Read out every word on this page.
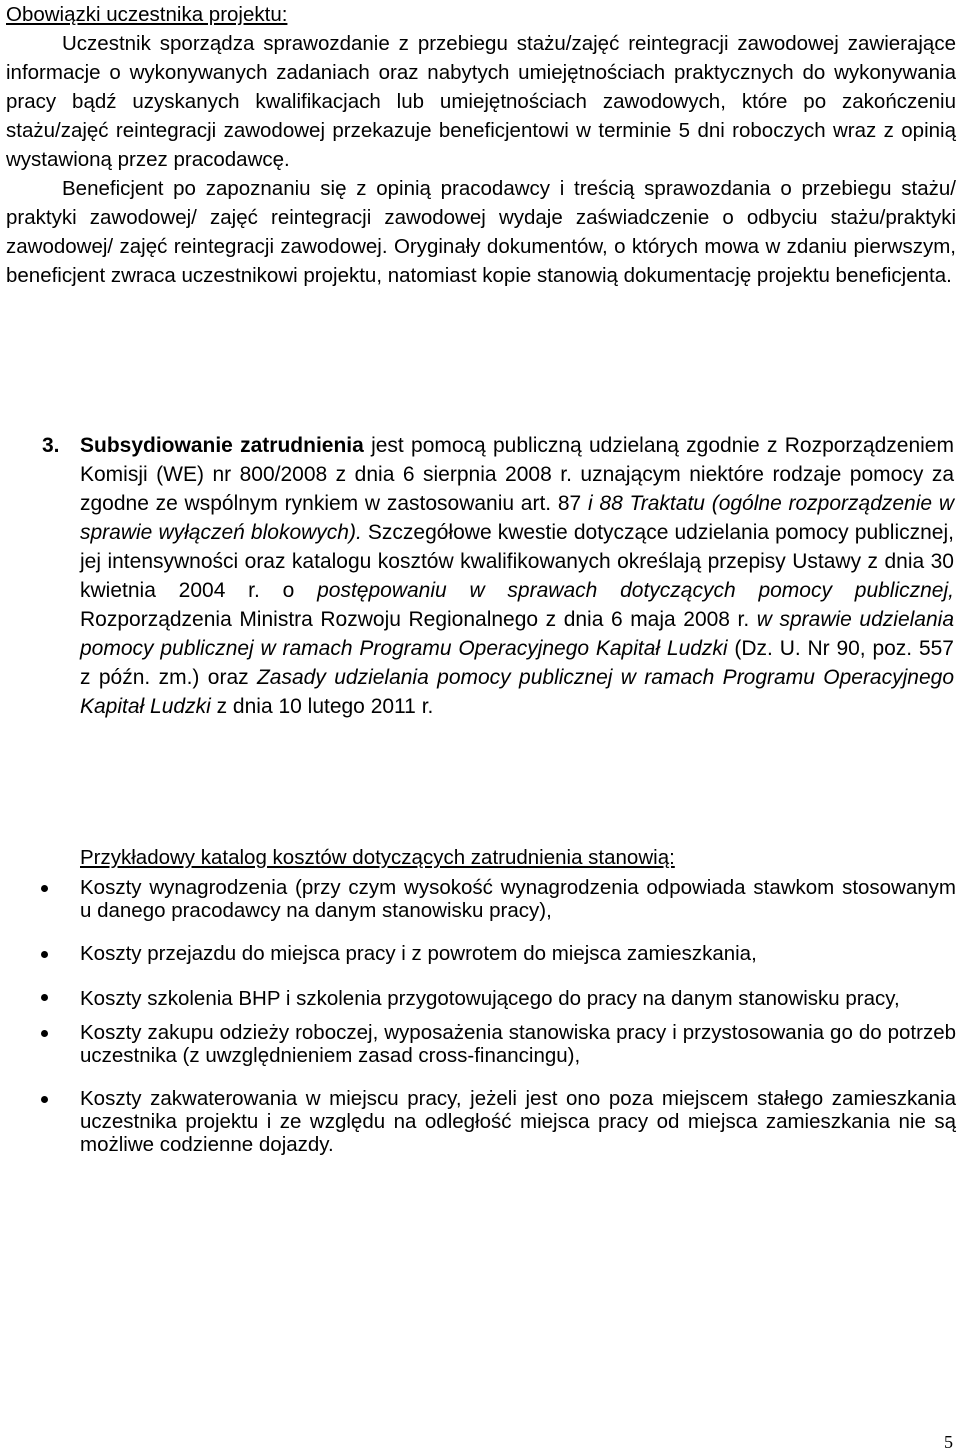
Obowiązki uczestnika projektu:

Uczestnik sporządza sprawozdanie z przebiegu stażu/zajęć reintegracji zawodowej zawierające informacje o wykonywanych zadaniach oraz nabytych umiejętnościach praktycznych do wykonywania pracy bądź uzyskanych kwalifikacjach lub umiejętnościach zawodowych, które po zakończeniu stażu/zajęć reintegracji zawodowej przekazuje beneficjentowi w terminie 5 dni roboczych wraz z opinią wystawioną przez pracodawcę.

Beneficjent po zapoznaniu się z opinią pracodawcy i treścią sprawozdania o przebiegu stażu/ praktyki zawodowej/ zajęć reintegracji zawodowej wydaje zaświadczenie o odbyciu stażu/praktyki zawodowej/ zajęć reintegracji zawodowej. Oryginały dokumentów, o których mowa w zdaniu pierwszym, beneficjent zwraca uczestnikowi projektu, natomiast kopie stanowią dokumentację projektu beneficjenta.

3. Subsydiowanie zatrudnienia jest pomocą publiczną udzielaną zgodnie z Rozporządzeniem Komisji (WE) nr 800/2008 z dnia 6 sierpnia 2008 r. uznającym niektóre rodzaje pomocy za zgodne ze wspólnym rynkiem w zastosowaniu art. 87 i 88 Traktatu (ogólne rozporządzenie w sprawie wyłączeń blokowych). Szczegółowe kwestie dotyczące udzielania pomocy publicznej, jej intensywności oraz katalogu kosztów kwalifikowanych określają przepisy Ustawy z dnia 30 kwietnia 2004 r. o postępowaniu w sprawach dotyczących pomocy publicznej, Rozporządzenia Ministra Rozwoju Regionalnego z dnia 6 maja 2008 r. w sprawie udzielania pomocy publicznej w ramach Programu Operacyjnego Kapitał Ludzki (Dz. U. Nr 90, poz. 557 z późn. zm.) oraz Zasady udzielania pomocy publicznej w ramach Programu Operacyjnego Kapitał Ludzki z dnia 10 lutego 2011 r.

Przykładowy katalog kosztów dotyczących zatrudnienia stanowią:

Koszty wynagrodzenia (przy czym wysokość wynagrodzenia odpowiada stawkom stosowanym u danego pracodawcy na danym stanowisku pracy),
Koszty przejazdu do miejsca pracy i z powrotem do miejsca zamieszkania,
Koszty szkolenia BHP i szkolenia przygotowującego do pracy na danym stanowisku pracy,
Koszty zakupu odzieży roboczej, wyposażenia stanowiska pracy i przystosowania go do potrzeb uczestnika (z uwzględnieniem zasad cross-financingu),
Koszty zakwaterowania w miejscu pracy, jeżeli jest ono poza miejscem stałego zamieszkania uczestnika projektu i ze względu na odległość miejsca pracy od miejsca zamieszkania nie są możliwe codzienne dojazdy.
5
